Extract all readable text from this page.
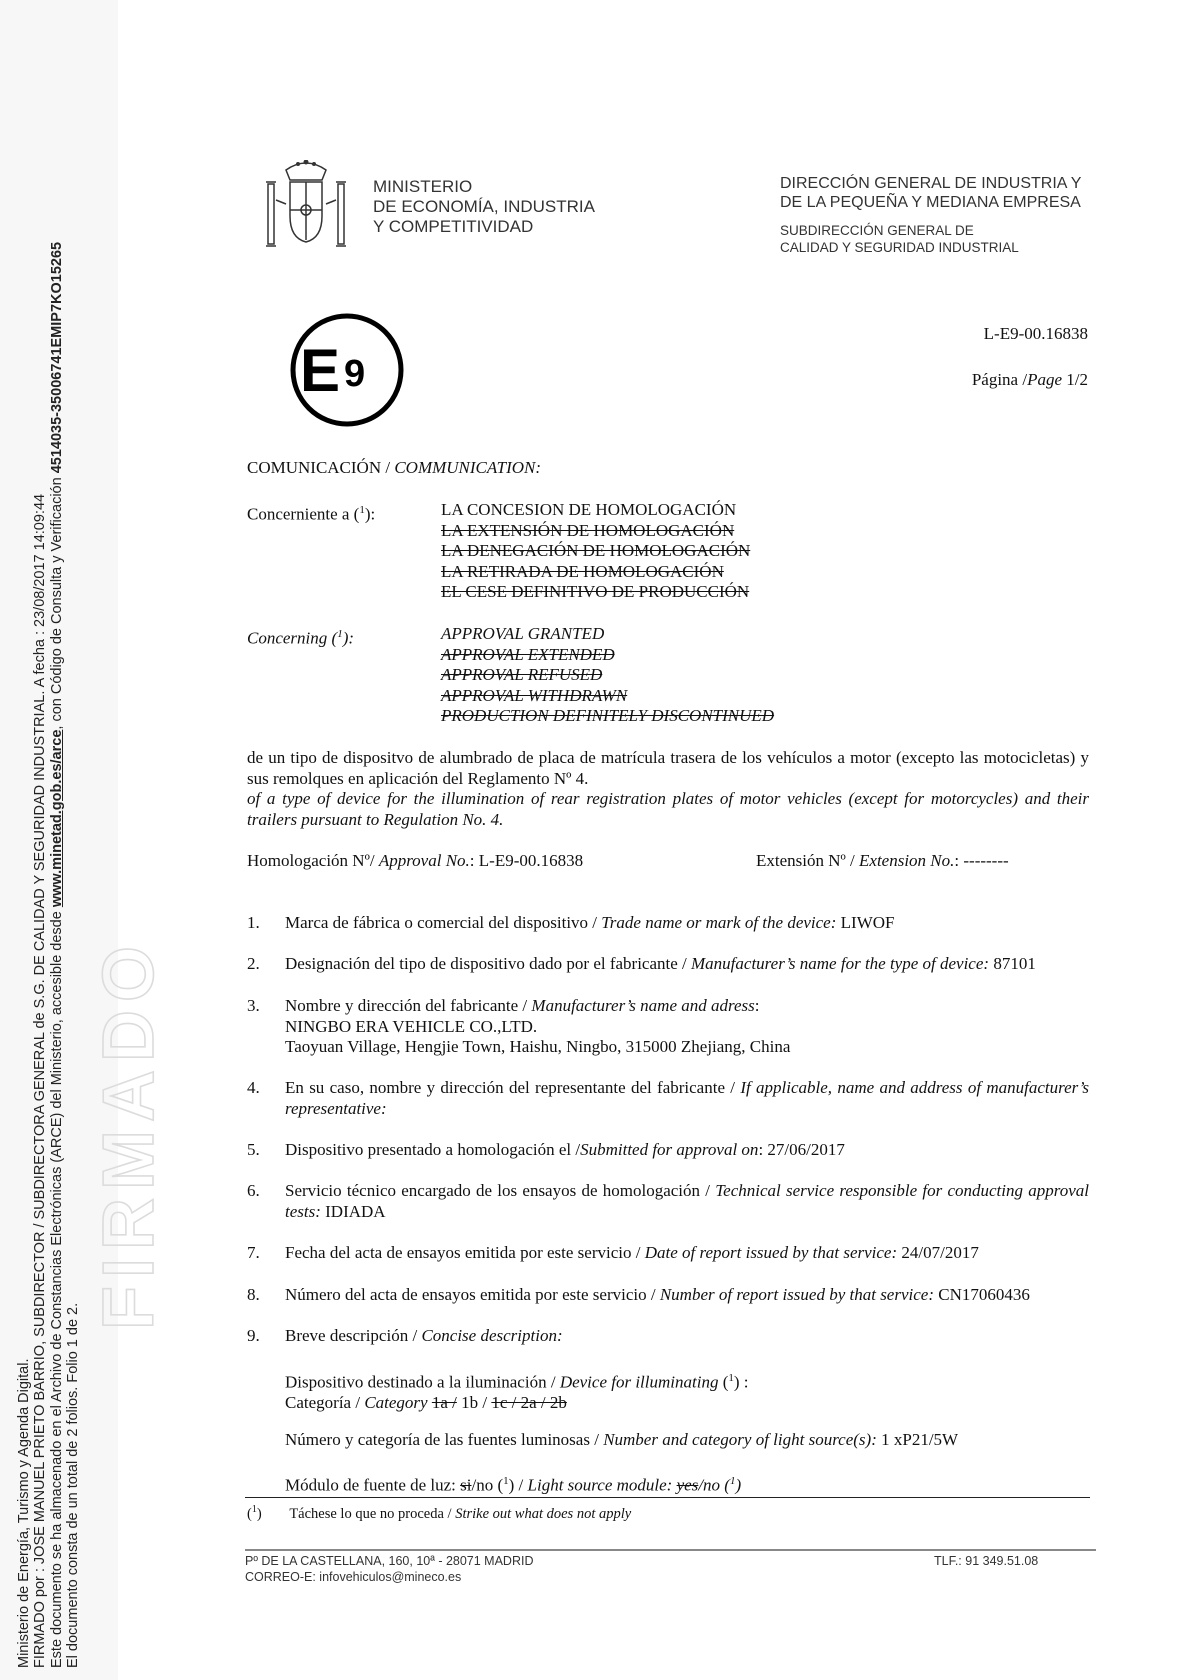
FIRMADO
Ministerio de Energía, Turismo y Agenda Digital. FIRMADO por : JOSE MANUEL PRIETO BARRIO, SUBDIRECTOR / SUBDIRECTORA GENERAL de S.G. DE CALIDAD Y SEGURIDAD INDUSTRIAL. A fecha : 23/08/2017 14:09:44 Este documento se ha almacenado en el Archivo de Constancias Electrónicas (ARCE) del Ministerio, accesible desde www.minetad.gob.es/arce, con Código de Consulta y Verificación 4514035-35006741EMIP7KO15265
El documento consta de un total de 2 folios. Folio 1 de 2.
MINISTERIO
DE ECONOMÍA, INDUSTRIA
Y COMPETITIVIDAD
DIRECCIÓN GENERAL DE INDUSTRIA Y
DE LA PEQUEÑA Y MEDIANA EMPRESA
SUBDIRECCIÓN GENERAL DE
CALIDAD Y SEGURIDAD INDUSTRIAL
E 9
L-E9-00.16838
Página /Page 1/2
COMUNICACIÓN / COMMUNICATION:
Concerniente a ($^1$):	LA CONCESION DE HOMOLOGACIÓN
LA EXTENSIÓN DE HOMOLOGACIÓN
LA DENEGACIÓN DE HOMOLOGACIÓN
LA RETIRADA DE HOMOLOGACIÓN
EL CESE DEFINITIVO DE PRODUCCIÓN
Concerning ($^1$):	APPROVAL GRANTED
APPROVAL EXTENDED
APPROVAL REFUSED
APPROVAL WITHDRAWN
PRODUCTION DEFINITELY DISCONTINUED
de un tipo de dispositvo de alumbrado de placa de matrícula trasera de los vehículos a motor (excepto las motocicletas) y sus remolques en aplicación del Reglamento Nº 4.
of a type of device for the illumination of rear registration plates of motor vehicles (except for motorcycles) and their trailers pursuant to Regulation No. 4.
Homologación Nº/ Approval No.: L-E9-00.16838	Extensión Nº / Extension No.: --------
1. Marca de fábrica o comercial del dispositivo / Trade name or mark of the device: LIWOF
2. Designación del tipo de dispositivo dado por el fabricante / Manufacturer’s name for the type of device: 87101
3. Nombre y dirección del fabricante / Manufacturer’s name and adress:
NINGBO ERA VEHICLE CO.,LTD.
Taoyuan Village, Hengjie Town, Haishu, Ningbo, 315000 Zhejiang, China
4. En su caso, nombre y dirección del representante del fabricante / If applicable, name and address of manufacturer’s representative:
5. Dispositivo presentado a homologación el /Submitted for approval on: 27/06/2017
6. Servicio técnico encargado de los ensayos de homologación / Technical service responsible for conducting approval tests: IDIADA
7. Fecha del acta de ensayos emitida por este servicio / Date of report issued by that service: 24/07/2017
8. Número del acta de ensayos emitida por este servicio / Number of report issued by that service: CN17060436
9. Breve descripción / Concise description:
Dispositivo destinado a la iluminación / Device for illuminating ($^1$) :
Categoría / Category 1a / 1b / 1c / 2a / 2b
Número y categoría de las fuentes luminosas / Number and category of light source(s): 1 xP21/5W
Módulo de fuente de luz: si/no ($^1$) / Light source module: yes/no ($^1$)
($^1$) Táchese lo que no proceda / Strike out what does not apply
Pº DE LA CASTELLANA, 160, 10ª - 28071 MADRID
CORREO-E: infovehiculos@mineco.es
TLF.: 91 349.51.08
